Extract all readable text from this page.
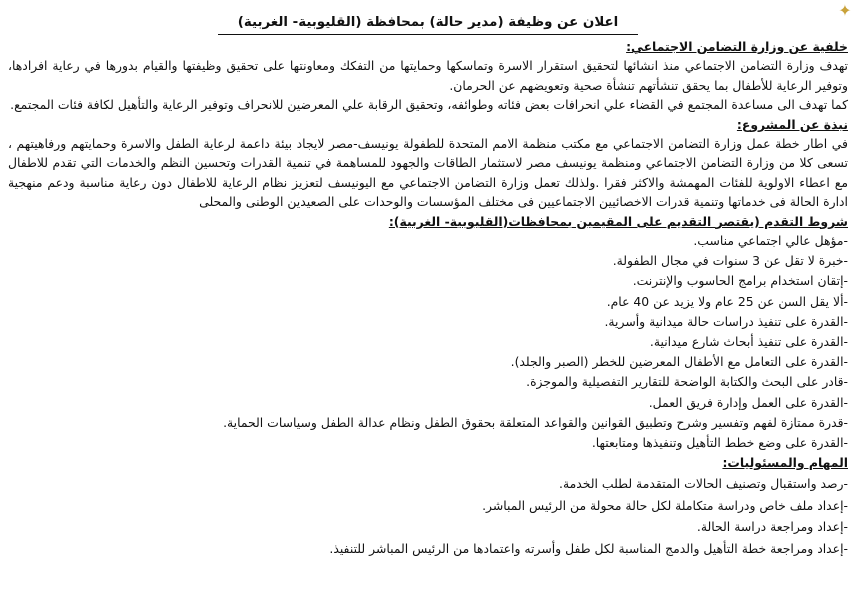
✦
اعلان عن وظيفة (مدير حالة) بمحافظة (القليوبية- الغربية)

خلفية عن وزارة التضامن الاجتماعي:

تهدف وزارة التضامن الاجتماعي منذ انشائها لتحقيق استقرار الاسرة وتماسكها وحمايتها من التفكك ومعاونتها على تحقيق وظيفتها والقيام بدورها في رعاية افرادها، وتوفير الرعاية للأطفال بما يحقق تنشأتهم تنشأة صحية وتعويضهم عن الحرمان.

كما تهدف الى مساعدة المجتمع في القضاء علي انحرافات بعض فئاته وطوائفه، وتحقيق الرقابة علي المعرضين للانحراف وتوفير الرعاية والتأهيل لكافة فئات المجتمع.

نبذة عن المشروع:

في اطار خطة عمل وزارة التضامن الاجتماعي مع مكتب منظمة الامم المتحدة للطفولة يونيسف-مصر لايجاد بيئة داعمة لرعاية الطفل والاسرة وحمايتهم ورفاهيتهم ، تسعى كلا من وزارة التضامن الاجتماعي ومنظمة يونيسف مصر لاستثمار الطاقات والجهود للمساهمة في تنمية القدرات وتحسين النظم والخدمات التي تقدم للاطفال مع اعطاء الاولوية للفئات المهمشة والاكثر فقرا .ولذلك تعمل وزارة التضامن الاجتماعي مع اليونيسف لتعزيز نظام الرعاية للاطفال دون رعاية مناسبة ودعم منهجية ادارة الحالة فى خدماتها وتنمية قدرات الاخصائيين الاجتماعيين فى مختلف المؤسسات والوحدات على الصعيدين الوطنى والمحلى

شروط التقدم (يقتصر التقديم على المقيمين بمحافظات(القليوبية- الغربية):

-مؤهل عالي اجتماعي مناسب.
-خبرة لا تقل عن 3 سنوات في مجال الطفولة.
-إتقان استخدام برامج الحاسوب والإنترنت.
-ألا يقل السن عن 25 عام ولا يزيد عن 40 عام.
-القدرة على تنفيذ دراسات حالة ميدانية وأسرية.
-القدرة على تنفيذ أبحاث شارع ميدانية.
-القدرة على التعامل مع الأطفال المعرضين للخطر (الصبر والجلد).
-قادر على البحث والكتابة الواضحة للتقارير التفصيلية والموجزة.
-القدرة على العمل وإدارة فريق العمل.
-قدرة ممتازة لفهم وتفسير وشرح وتطبيق القوانين والقواعد المتعلقة بحقوق الطفل ونظام عدالة الطفل وسياسات الحماية.
-القدرة على وضع خطط التأهيل وتنفيذها ومتابعتها.

المهام والمسئوليات:

-رصد واستقبال وتصنيف الحالات المتقدمة لطلب الخدمة.
-إعداد ملف خاص ودراسة متكاملة لكل حالة محولة من الرئيس المباشر.
-إعداد ومراجعة دراسة الحالة.
-إعداد ومراجعة خطة التأهيل والدمج المناسبة لكل طفل وأسرته واعتمادها من الرئيس المباشر للتنفيذ.
